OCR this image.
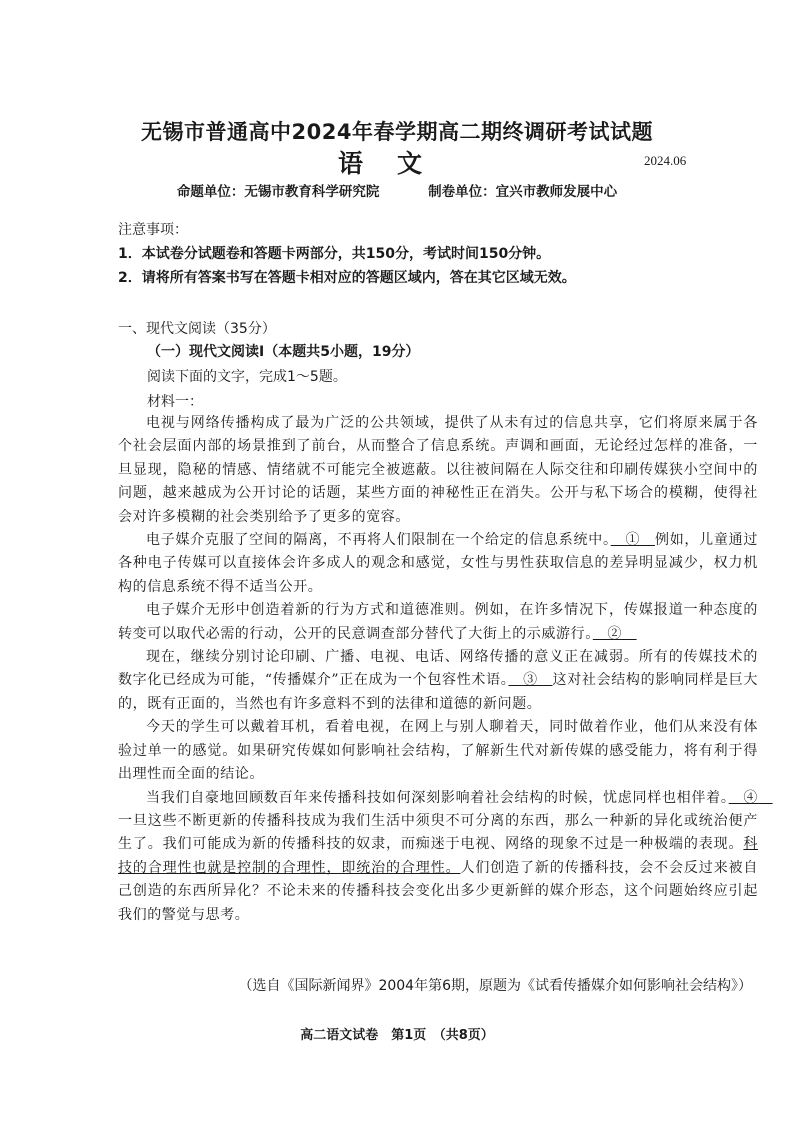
无锡市普通高中2024年春学期高二期终调研考试试题
语文	2024.06
命题单位：无锡市教育科学研究院	制卷单位：宜兴市教师发展中心
注意事项：
1．本试卷分试题卷和答题卡两部分，共150分，考试时间150分钟。
2．请将所有答案书写在答题卡相对应的答题区域内，答在其它区域无效。
一、现代文阅读（35分）
（一）现代文阅读Ⅰ（本题共5小题，19分）
阅读下面的文字，完成1～5题。
材料一：

电视与网络传播构成了最为广泛的公共领域，提供了从未有过的信息共享，它们将原来属于各个社会层面内部的场景推到了前台，从而整合了信息系统。声调和画面，无论经过怎样的准备，一旦显现，隐秘的情感、情绪就不可能完全被遮蔽。以往被间隔在人际交往和印刷传媒狭小空间中的问题，越来越成为公开讨论的话题，某些方面的神秘性正在消失。公开与私下场合的模糊，使得社会对许多模糊的社会类别给予了更多的宽容。

电子媒介克服了空间的隔离，不再将人们限制在一个给定的信息系统中。　①　例如，儿童通过各种电子传媒可以直接体会许多成人的观念和感觉，女性与男性获取信息的差异明显减少，权力机构的信息系统不得不适当公开。

电子媒介无形中创造着新的行为方式和道德准则。例如，在许多情况下，传媒报道一种态度的转变可以取代必需的行动，公开的民意调查部分替代了大街上的示威游行。　②　

现在，继续分别讨论印刷、广播、电视、电话、网络传播的意义正在减弱。所有的传媒技术的数字化已经成为可能，“传播媒介”正在成为一个包容性术语。　③　这对社会结构的影响同样是巨大的，既有正面的，当然也有许多意料不到的法律和道德的新问题。

今天的学生可以戴着耳机，看着电视，在网上与别人聊着天，同时做着作业，他们从来没有体验过单一的感觉。如果研究传媒如何影响社会结构，了解新生代对新传媒的感受能力，将有利于得出理性而全面的结论。

当我们自豪地回顾数百年来传播科技如何深刻影响着社会结构的时候，忧虑同样也相伴着。　④　一旦这些不断更新的传播科技成为我们生活中须臾不可分离的东西，那么一种新的异化或统治便产生了。我们可能成为新的传播科技的奴隶，而痴迷于电视、网络的现象不过是一种极端的表现。科技的合理性也就是控制的合理性，即统治的合理性。人们创造了新的传播科技，会不会反过来被自己创造的东西所异化？不论未来的传播科技会变化出多少更新鲜的媒介形态，这个问题始终应引起我们的警觉与思考。

（选自《国际新闻界》2004年第6期，原题为《试看传播媒介如何影响社会结构》）
高二语文试卷　第1页　（共8页）
